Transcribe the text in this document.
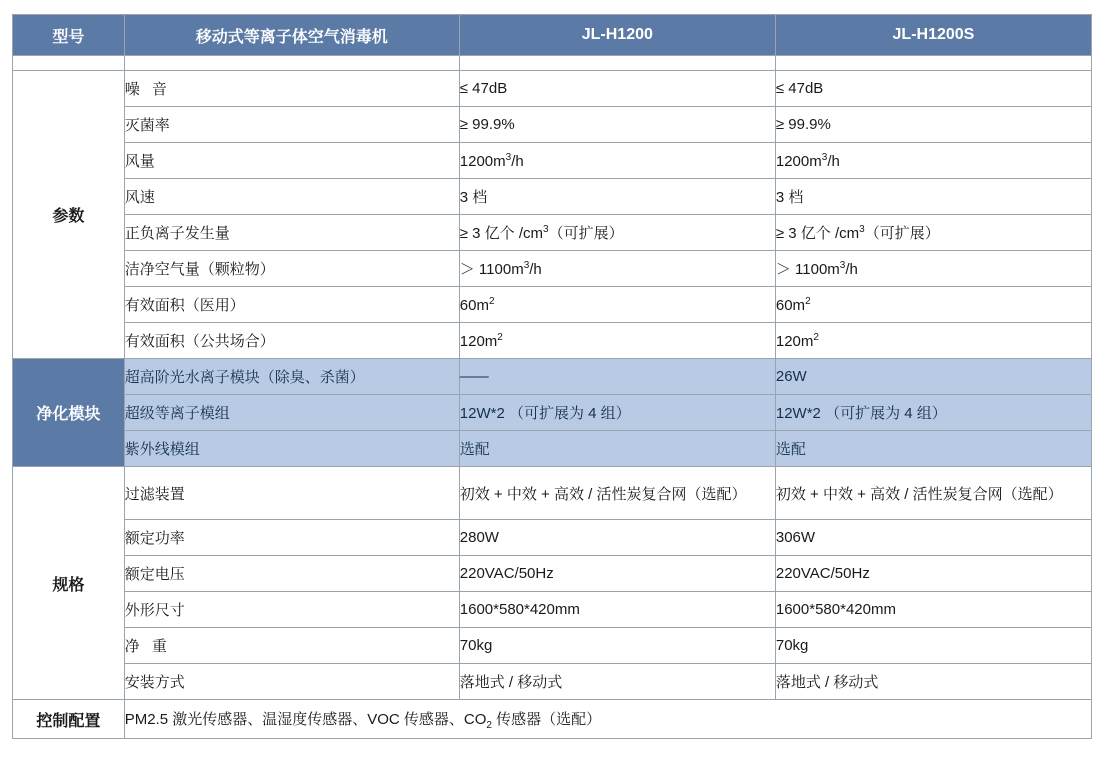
型号	移动式等离子体空气消毒机	JL-H1200	JL-H1200S

参数	噪 音	≤ 47dB	≤ 47dB
	灭菌率	≥ 99.9%	≥ 99.9%
	风量	$1200m^3/h$	$1200m^3/h$
	风速	3 档	3 档
	正负离子发生量	≥ 3 亿个 $/cm^3$（可扩展）	≥ 3 亿个 $/cm^3$（可扩展）
	洁净空气量（颗粒物）	＞ $1100m^3/h$	＞ $1100m^3/h$
	有效面积（医用）	$60m^2$	$60m^2$
	有效面积（公共场合）	$120m^2$	$120m^2$
净化模块	超高阶光水离子模块（除臭、杀菌）	——	26W
	超级等离子模组	12W*2 （可扩展为 4 组）	12W*2 （可扩展为 4 组）
	紫外线模组	选配	选配
规格	过滤装置	初效 + 中效 + 高效 / 活性炭复合网（选配）	初效 + 中效 + 高效 / 活性炭复合网（选配）
	额定功率	280W	306W
	额定电压	220VAC/50Hz	220VAC/50Hz
	外形尺寸	1600*580*420mm	1600*580*420mm
	净 重	70kg	70kg
	安装方式	落地式 / 移动式	落地式 / 移动式
控制配置	PM2.5 激光传感器、温湿度传感器、VOC 传感器、$CO_2$ 传感器（选配）		
